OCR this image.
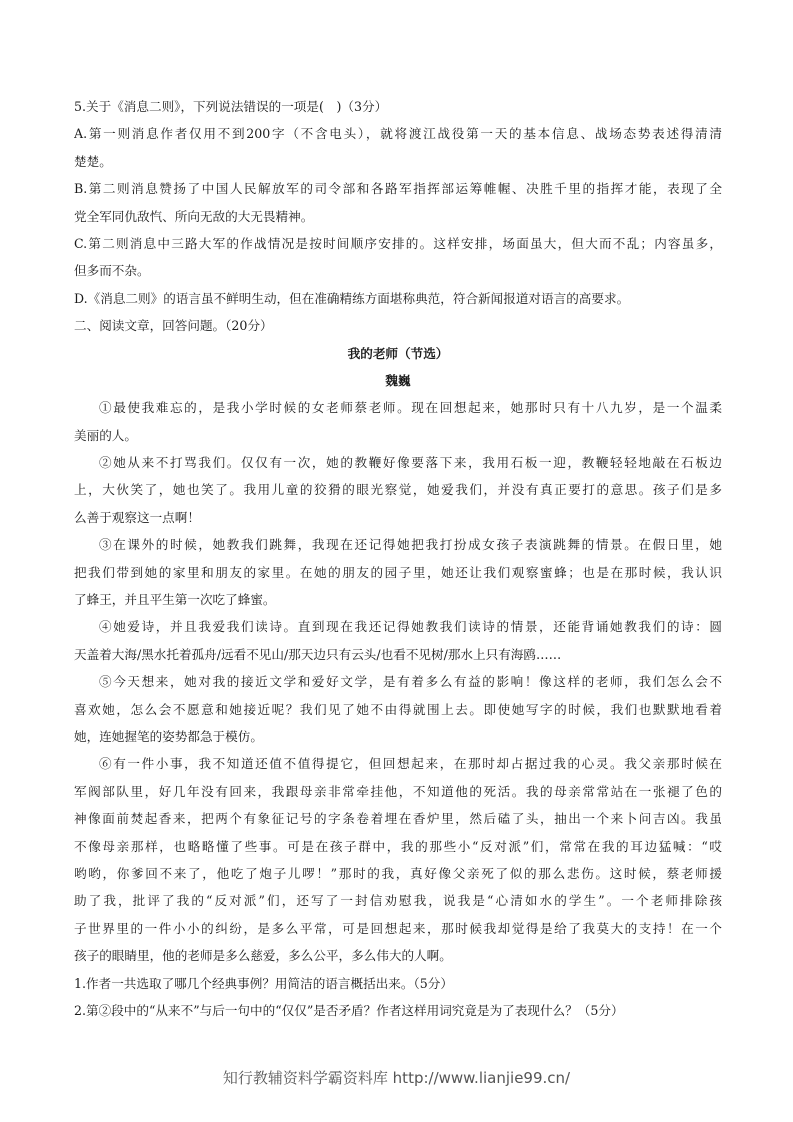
5.关于《消息二则》，下列说法错误的一项是(　)（3分）
A.第一则消息作者仅用不到200字（不含电头），就将渡江战役第一天的基本信息、战场态势表述得清清
楚楚。
B.第二则消息赞扬了中国人民解放军的司令部和各路军指挥部运筹帷幄、决胜千里的指挥才能，表现了全
党全军同仇敌忾、所向无敌的大无畏精神。
C.第二则消息中三路大军的作战情况是按时间顺序安排的。这样安排，场面虽大，但大而不乱；内容虽多，
但多而不杂。
D.《消息二则》的语言虽不鲜明生动，但在准确精练方面堪称典范，符合新闻报道对语言的高要求。
二、阅读文章，回答问题。（20分）
我的老师（节选）
魏巍
①最使我难忘的，是我小学时候的女老师蔡老师。现在回想起来，她那时只有十八九岁，是一个温柔
美丽的人。
②她从来不打骂我们。仅仅有一次，她的教鞭好像要落下来，我用石板一迎，教鞭轻轻地敲在石板边
上，大伙笑了，她也笑了。我用儿童的狡猾的眼光察觉，她爱我们，并没有真正要打的意思。孩子们是多
么善于观察这一点啊！
③在课外的时候，她教我们跳舞，我现在还记得她把我打扮成女孩子表演跳舞的情景。在假日里，她
把我们带到她的家里和朋友的家里。在她的朋友的园子里，她还让我们观察蜜蜂；也是在那时候，我认识
了蜂王，并且平生第一次吃了蜂蜜。
④她爱诗，并且我爱我们读诗。直到现在我还记得她教我们读诗的情景，还能背诵她教我们的诗：圆
天盖着大海/黑水托着孤舟/远看不见山/那天边只有云头/也看不见树/那水上只有海鸥……
⑤今天想来，她对我的接近文学和爱好文学，是有着多么有益的影响！像这样的老师，我们怎么会不
喜欢她，怎么会不愿意和她接近呢？我们见了她不由得就围上去。即使她写字的时候，我们也默默地看着
她，连她握笔的姿势都急于模仿。
⑥有一件小事，我不知道还值不值得提它，但回想起来，在那时却占据过我的心灵。我父亲那时候在
军阀部队里，好几年没有回来，我跟母亲非常牵挂他，不知道他的死活。我的母亲常常站在一张褪了色的
神像面前焚起香来，把两个有象征记号的字条卷着埋在香炉里，然后磕了头，抽出一个来卜问吉凶。我虽
不像母亲那样，也略略懂了些事。可是在孩子群中，我的那些小“反对派”们，常常在我的耳边猛喊：“哎
哟哟，你爹回不来了，他吃了炮子儿啰！”那时的我，真好像父亲死了似的那么悲伤。这时候，蔡老师援
助了我，批评了我的“反对派”们，还写了一封信劝慰我，说我是“心清如水的学生”。一个老师排除孩
子世界里的一件小小的纠纷，是多么平常，可是回想起来，那时候我却觉得是给了我莫大的支持！在一个
孩子的眼睛里，他的老师是多么慈爱，多么公平，多么伟大的人啊。
1.作者一共选取了哪几个经典事例？用简洁的语言概括出来。（5分）
2.第②段中的“从来不”与后一句中的“仅仅”是否矛盾？作者这样用词究竟是为了表现什么？（5分）
知行教辅资料学霸资料库 http://www.lianjie99.cn/
